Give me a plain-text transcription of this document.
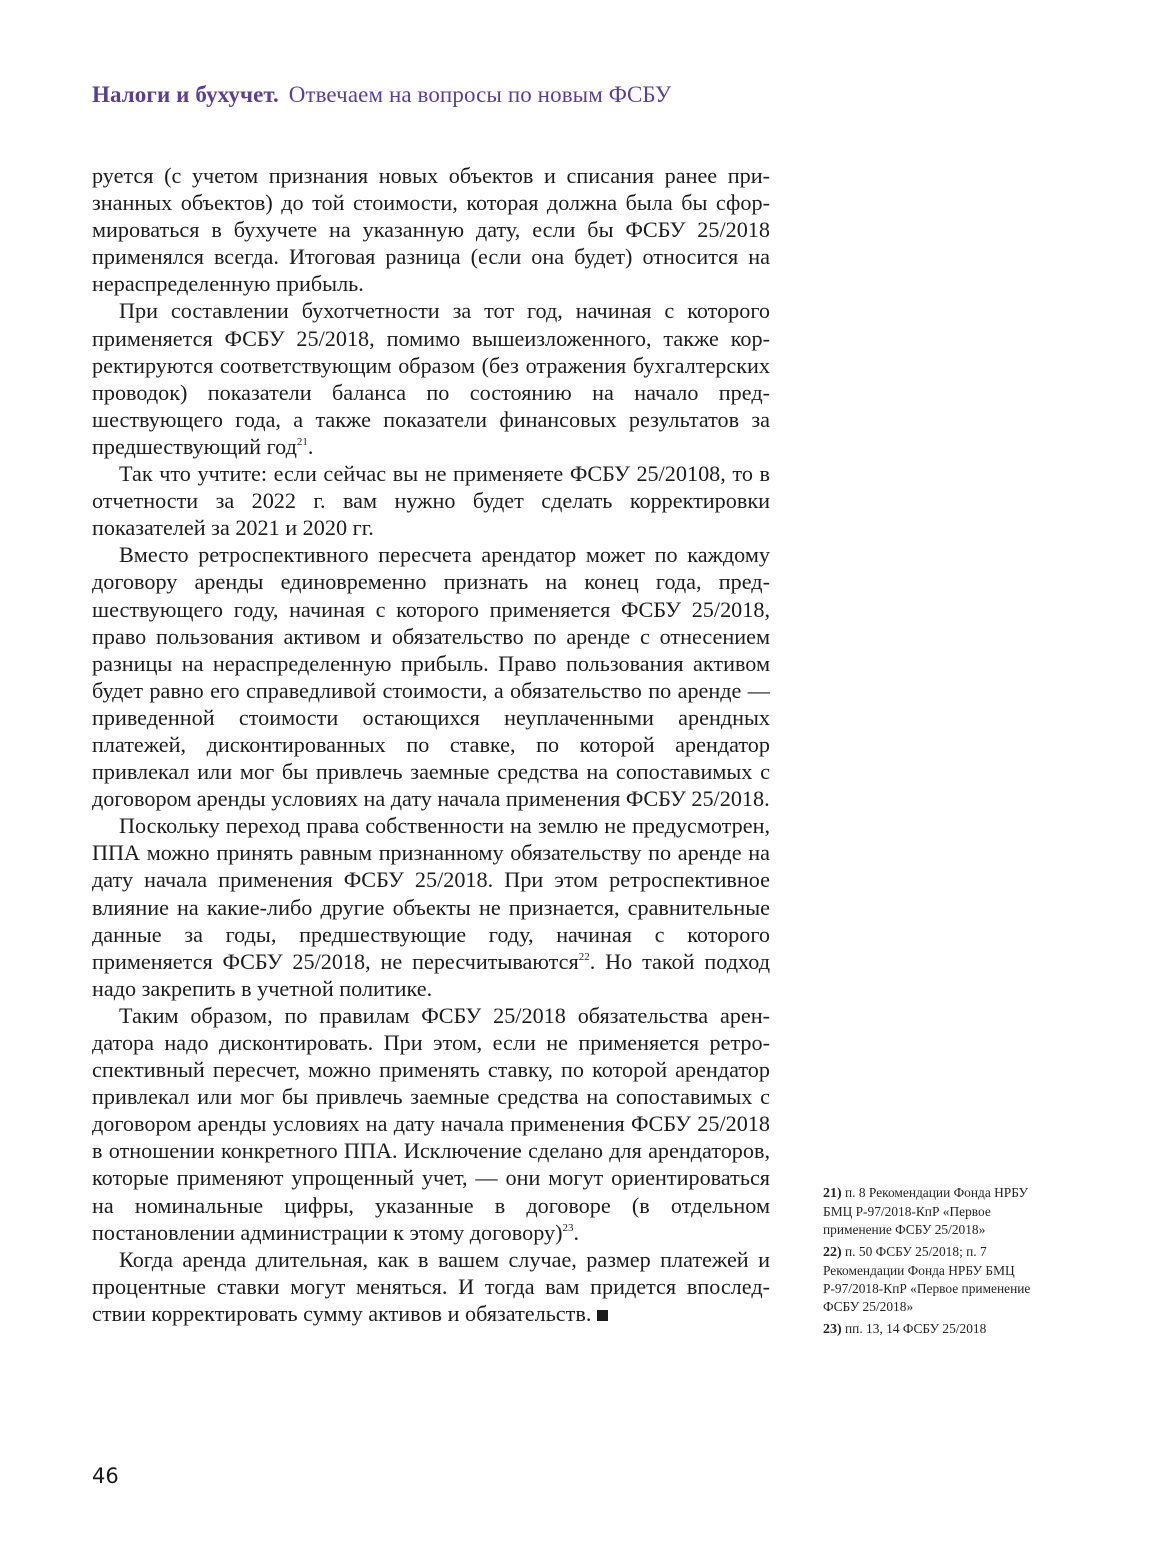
Налоги и бухучет. Отвечаем на вопросы по новым ФСБУ

руется (с учетом признания новых объектов и списания ранее признанных объектов) до той стоимости, которая должна была бы сформироваться в бухучете на указанную дату, если бы ФСБУ 25/2018 применялся всегда. Итоговая разница (если она будет) относится на нераспределенную прибыль.

При составлении бухотчетности за тот год, начиная с которого применяется ФСБУ 25/2018, помимо вышеизложенного, также корректируются соответствующим образом (без отражения бухгалтерских проводок) показатели баланса по состоянию на начало предшествующего года, а также показатели финансовых результатов за предшествующий год$^{21}$.

Так что учтите: если сейчас вы не применяете ФСБУ 25/20108, то в отчетности за 2022 г. вам нужно будет сделать корректировки показателей за 2021 и 2020 гг.

Вместо ретроспективного пересчета арендатор может по каждому договору аренды единовременно признать на конец года, предшествующего году, начиная с которого применяется ФСБУ 25/2018, право пользования активом и обязательство по аренде с отнесением разницы на нераспределенную прибыль. Право пользования активом будет равно его справедливой стоимости, а обязательство по аренде — приведенной стоимости остающихся неуплаченными арендных платежей, дисконтированных по ставке, по которой арендатор привлекал или мог бы привлечь заемные средства на сопоставимых с договором аренды условиях на дату начала применения ФСБУ 25/2018.

Поскольку переход права собственности на землю не предусмотрен, ППА можно принять равным признанному обязательству по аренде на дату начала применения ФСБУ 25/2018. При этом ретроспективное влияние на какие-либо другие объекты не признается, сравнительные данные за годы, предшествующие году, начиная с которого применяется ФСБУ 25/2018, не пересчитываются$^{22}$. Но такой подход надо закрепить в учетной политике.

Таким образом, по правилам ФСБУ 25/2018 обязательства арендатора надо дисконтировать. При этом, если не применяется ретроспективный пересчет, можно применять ставку, по которой арендатор привлекал или мог бы привлечь заемные средства на сопоставимых с договором аренды условиях на дату начала применения ФСБУ 25/2018 в отношении конкретного ППА. Исключение сделано для арендаторов, которые применяют упрощенный учет, — они могут ориентироваться на номинальные цифры, указанные в договоре (в отдельном постановлении администрации к этому договору)$^{23}$.

Когда аренда длительная, как в вашем случае, размер платежей и процентные ставки могут меняться. И тогда вам придется впоследствии корректировать сумму активов и обязательств.

21) п. 8 Рекомендации Фонда НРБУ БМЦ Р-97/2018-КпР «Первое применение ФСБУ 25/2018»

22) п. 50 ФСБУ 25/2018; п. 7 Рекомендации Фонда НРБУ БМЦ Р-97/2018-КпР «Первое применение ФСБУ 25/2018»

23) пп. 13, 14 ФСБУ 25/2018

46
